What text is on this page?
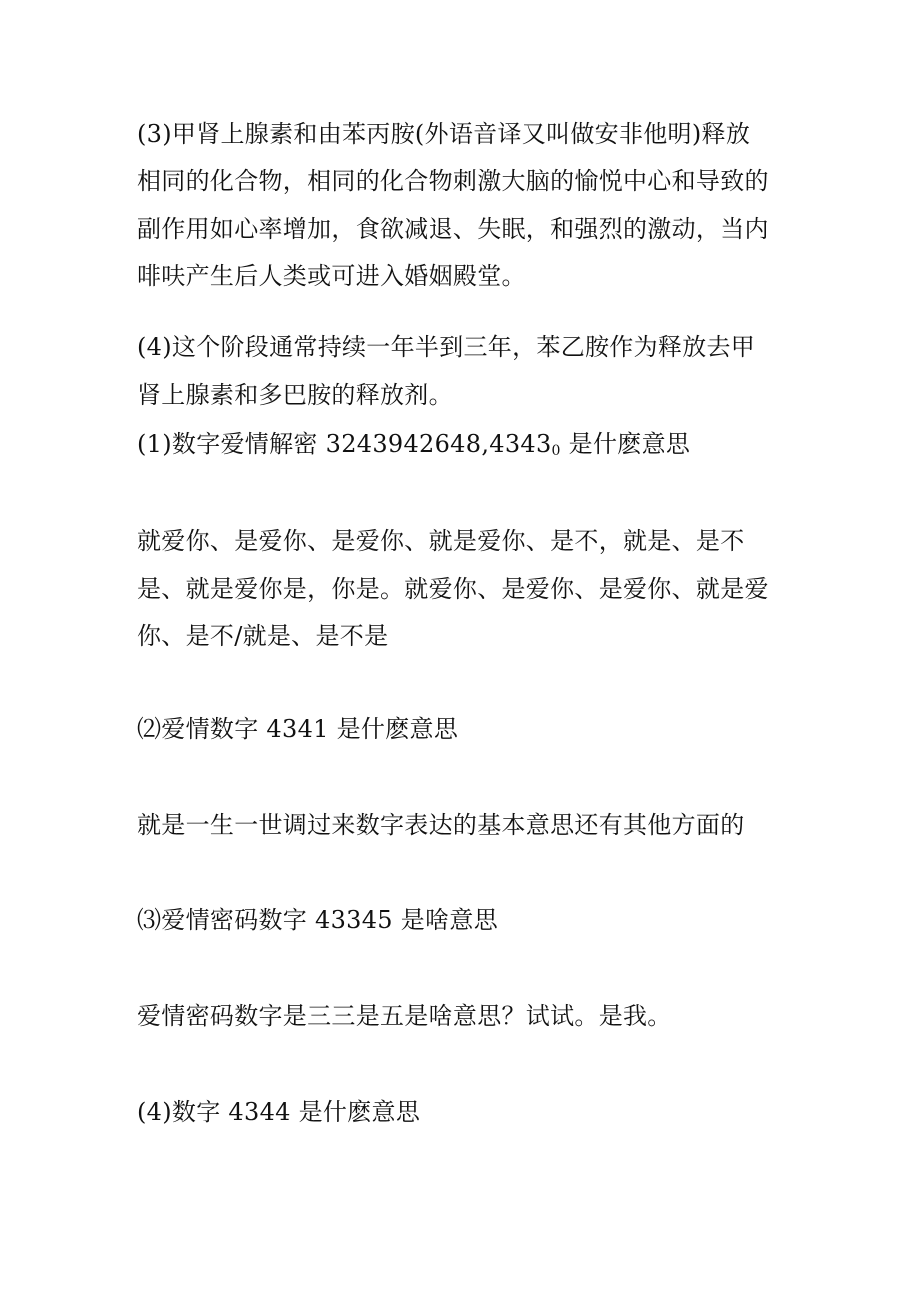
(3)甲肾上腺素和由苯丙胺(外语音译又叫做安非他明)释放
相同的化合物，相同的化合物刺激大脑的愉悦中心和导致的
副作用如心率增加，食欲减退、失眠，和强烈的激动，当内
啡呋产生后人类或可进入婚姻殿堂。
(4)这个阶段通常持续一年半到三年，苯乙胺作为释放去甲
肾上腺素和多巴胺的释放剂。
(1)数字爱情解密 $3243942648,4343_0$ 是什麽意思
就爱你、是爱你、是爱你、就是爱你、是不，就是、是不
是、就是爱你是，你是。就爱你、是爱你、是爱你、就是爱
你、是不/就是、是不是
⑵爱情数字 4341 是什麽意思
就是一生一世调过来数字表达的基本意思还有其他方面的
⑶爱情密码数字 43345 是啥意思
爱情密码数字是三三是五是啥意思？试试。是我。
(4)数字 4344 是什麽意思
